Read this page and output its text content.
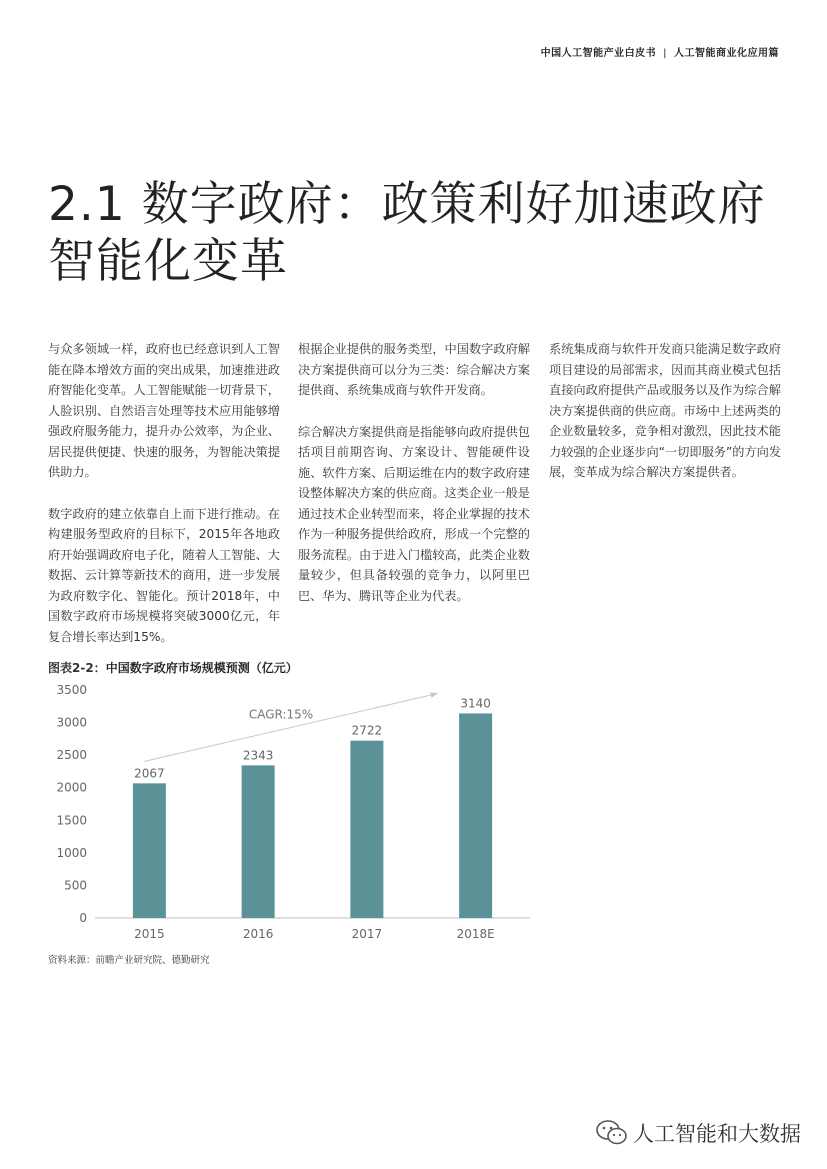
中国人工智能产业白皮书 | 人工智能商业化应用篇
2.1 数字政府：政策利好加速政府智能化变革

与众多领域一样，政府也已经意识到人工智能在降本增效方面的突出成果，加速推进政府智能化变革。人工智能赋能一切背景下，人脸识别、自然语言处理等技术应用能够增强政府服务能力，提升办公效率，为企业、居民提供便捷、快速的服务，为智能决策提供助力。

数字政府的建立依靠自上而下进行推动。在构建服务型政府的目标下，2015年各地政府开始强调政府电子化，随着人工智能、大数据、云计算等新技术的商用，进一步发展为政府数字化、智能化。预计2018年，中国数字政府市场规模将突破3000亿元，年复合增长率达到15%。

根据企业提供的服务类型，中国数字政府解决方案提供商可以分为三类：综合解决方案提供商、系统集成商与软件开发商。

综合解决方案提供商是指能够向政府提供包括项目前期咨询、方案设计、智能硬件设施、软件方案、后期运维在内的数字政府建设整体解决方案的供应商。这类企业一般是通过技术企业转型而来，将企业掌握的技术作为一种服务提供给政府，形成一个完整的服务流程。由于进入门槛较高，此类企业数量较少，但具备较强的竞争力，以阿里巴巴、华为、腾讯等企业为代表。

系统集成商与软件开发商只能满足数字政府项目建设的局部需求，因而其商业模式包括直接向政府提供产品或服务以及作为综合解决方案提供商的供应商。市场中上述两类的企业数量较多，竞争相对激烈，因此技术能力较强的企业逐步向“一切即服务”的方向发展，变革成为综合解决方案提供者。

图表2-2：中国数字政府市场规模预测（亿元）
0
500
1000
1500
2000
2500
3000
3500
2067
2015
2343
2016
2722
2017
3140
2018E
CAGR:15%
资料来源：前瞻产业研究院、德勤研究
人工智能和大数据
